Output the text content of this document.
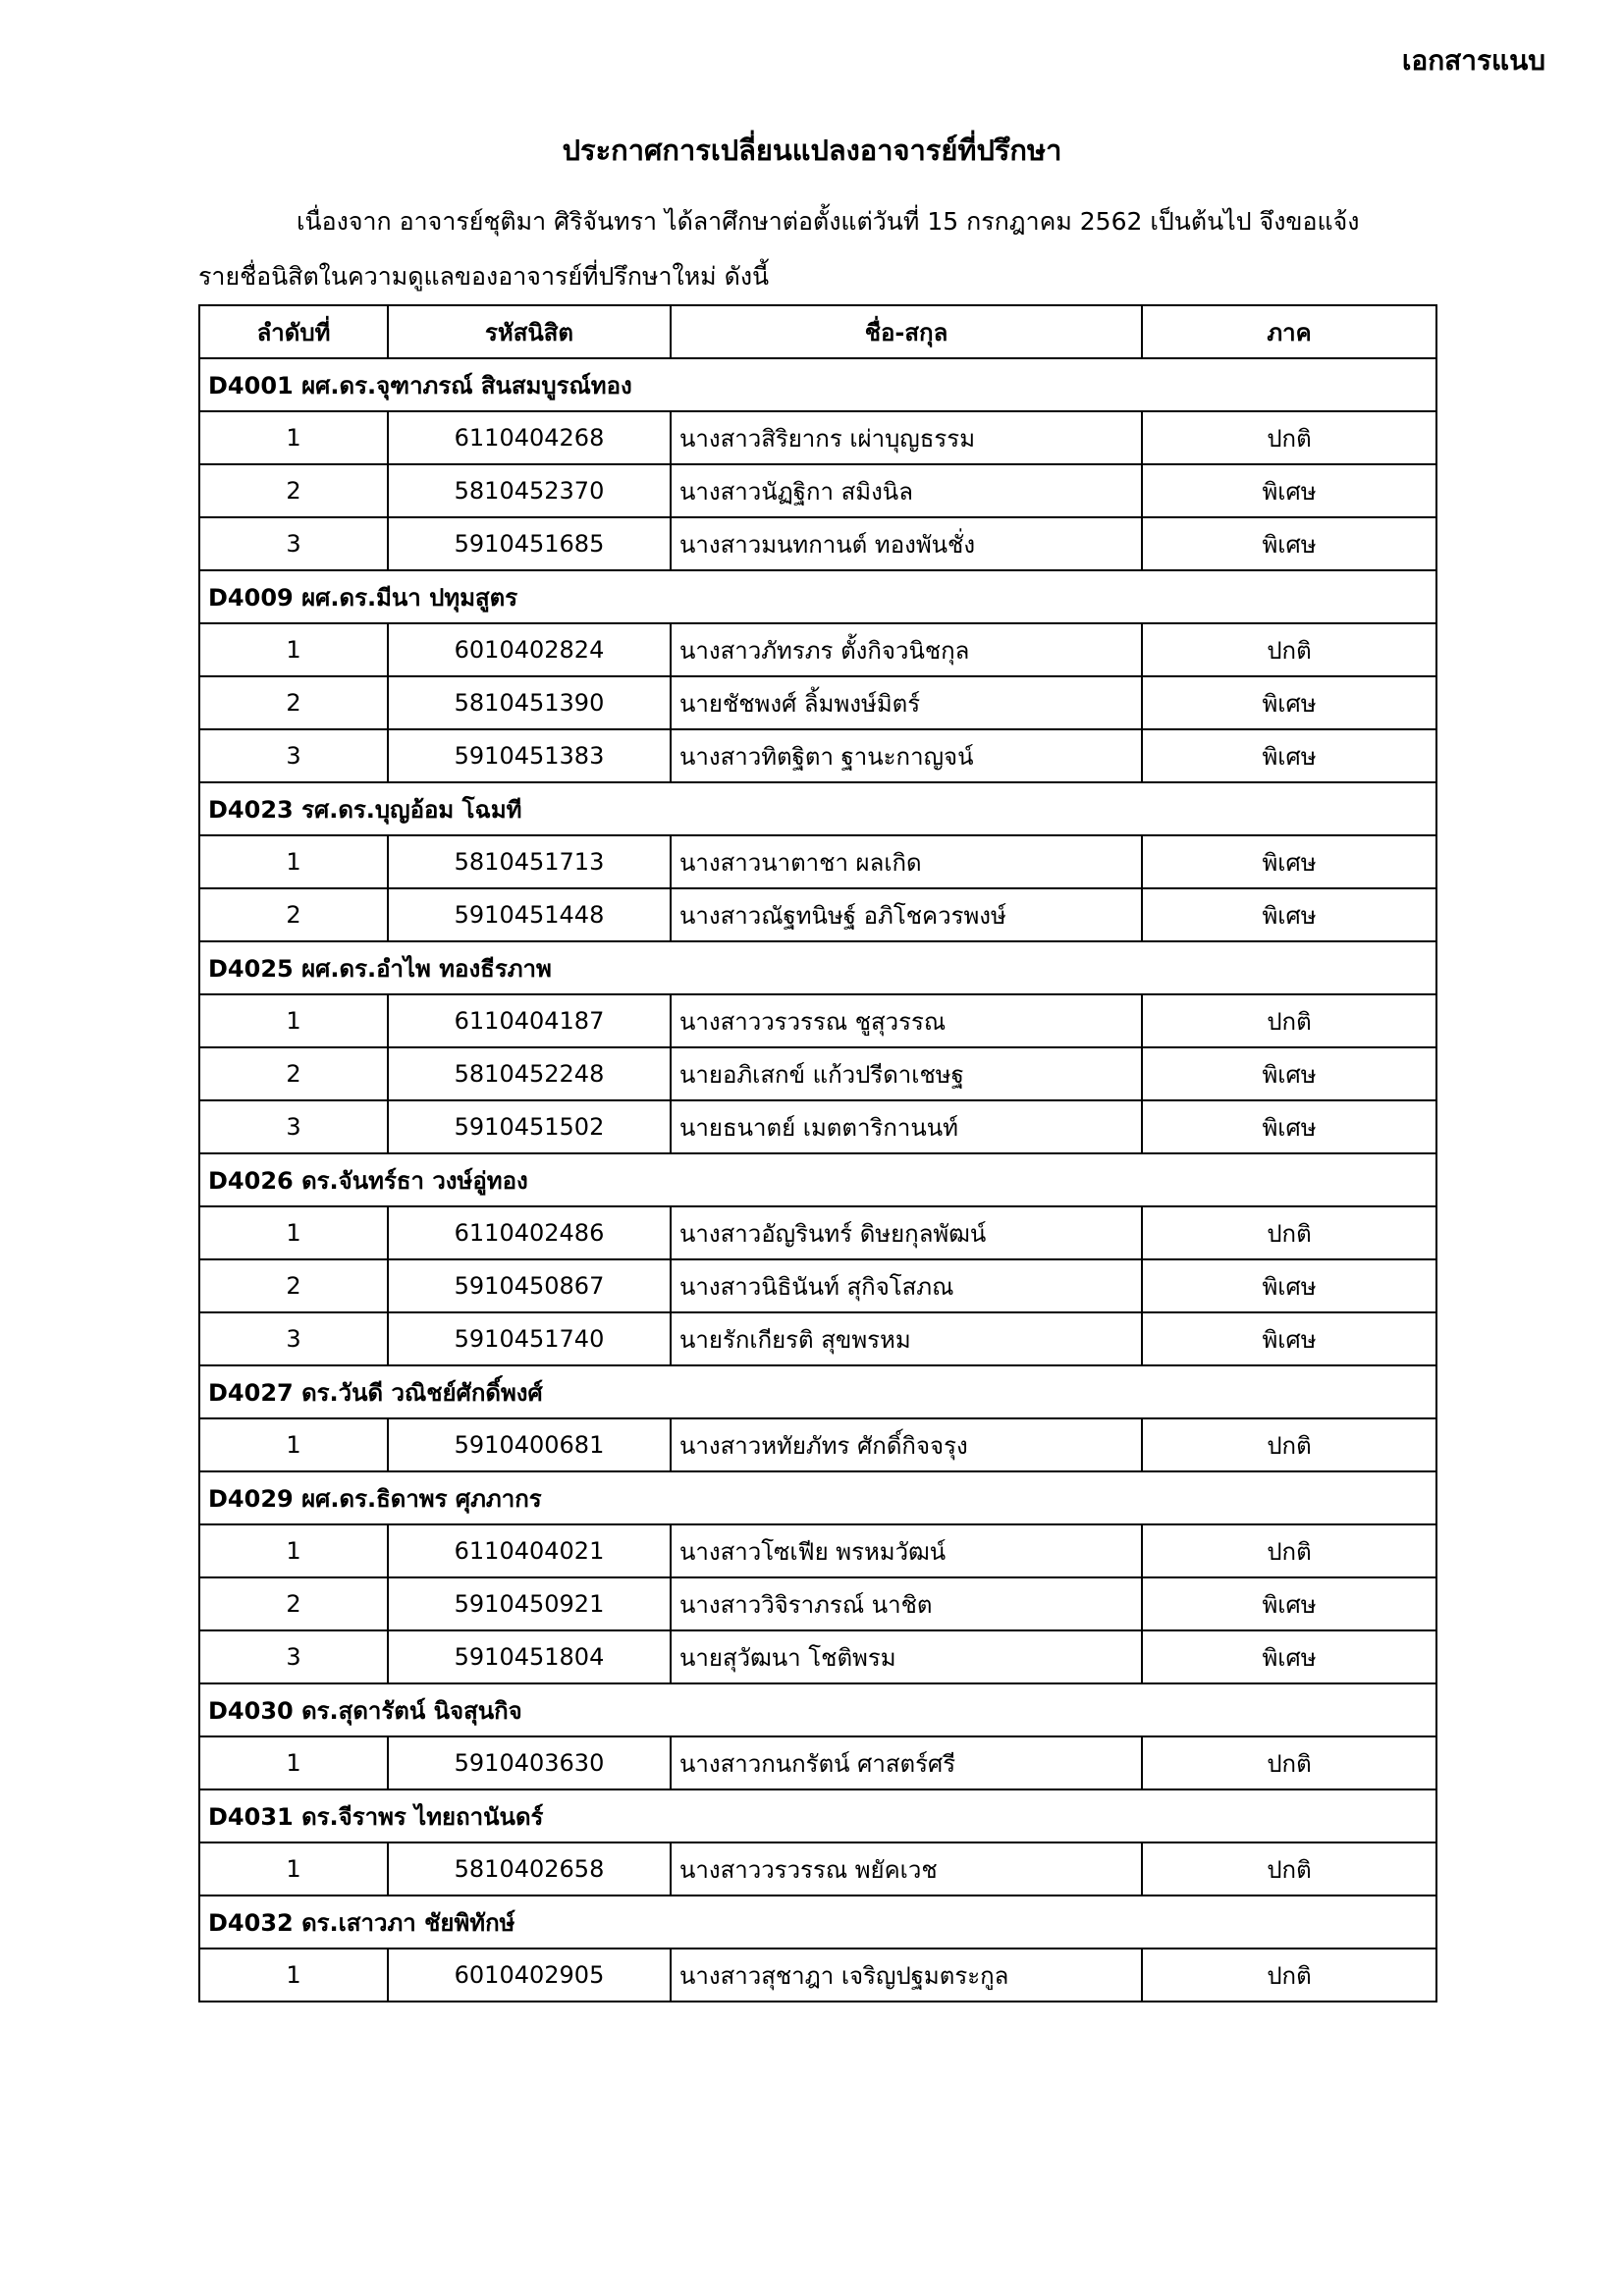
เอกสารแนบ
ประกาศการเปลี่ยนแปลงอาจารย์ที่ปรึกษา
เนื่องจาก อาจารย์ชุติมา ศิริจันทรา ได้ลาศึกษาต่อตั้งแต่วันที่ 15 กรกฎาคม 2562 เป็นต้นไป จึงขอแจ้ง
รายชื่อนิสิตในความดูแลของอาจารย์ที่ปรึกษาใหม่ ดังนี้
ลำดับที่	รหัสนิสิต	ชื่อ-สกุล	ภาค
D4001 ผศ.ดร.จุฑาภรณ์ สินสมบูรณ์ทอง			
1	6110404268	นางสาวสิริยากร เผ่าบุญธรรม	ปกติ
2	5810452370	นางสาวนัฏฐิกา สมิงนิล	พิเศษ
3	5910451685	นางสาวมนทกานต์ ทองพันชั่ง	พิเศษ
D4009 ผศ.ดร.มีนา ปทุมสูตร			
1	6010402824	นางสาวภัทรภร ตั้งกิจวนิชกุล	ปกติ
2	5810451390	นายชัชพงศ์ ลิ้มพงษ์มิตร์	พิเศษ
3	5910451383	นางสาวทิตฐิตา ฐานะกาญจน์	พิเศษ
D4023 รศ.ดร.บุญอ้อม โฉมที			
1	5810451713	นางสาวนาตาชา ผลเกิด	พิเศษ
2	5910451448	นางสาวณัฐทนิษฐ์ อภิโชควรพงษ์	พิเศษ
D4025 ผศ.ดร.อำไพ ทองธีรภาพ			
1	6110404187	นางสาววรวรรณ ชูสุวรรณ	ปกติ
2	5810452248	นายอภิเสกข์ แก้วปรีดาเชษฐ	พิเศษ
3	5910451502	นายธนาตย์ เมตตาริกานนท์	พิเศษ
D4026 ดร.จันทร์ธา วงษ์อู่ทอง			
1	6110402486	นางสาวอัญรินทร์ ดิษยกุลพัฒน์	ปกติ
2	5910450867	นางสาวนิธินันท์ สุกิจโสภณ	พิเศษ
3	5910451740	นายรักเกียรติ สุขพรหม	พิเศษ
D4027 ดร.วันดี วณิชย์ศักดิ์พงศ์			
1	5910400681	นางสาวหทัยภัทร ศักดิ์กิจจรุง	ปกติ
D4029 ผศ.ดร.ธิดาพร ศุภภากร			
1	6110404021	นางสาวโซเฟีย พรหมวัฒน์	ปกติ
2	5910450921	นางสาววิจิราภรณ์ นาชิต	พิเศษ
3	5910451804	นายสุวัฒนา โชติพรม	พิเศษ
D4030 ดร.สุดารัตน์ นิจสุนกิจ			
1	5910403630	นางสาวกนกรัตน์ ศาสตร์ศรี	ปกติ
D4031 ดร.จีราพร ไทยถานันดร์			
1	5810402658	นางสาววรวรรณ พยัคเวช	ปกติ
D4032 ดร.เสาวภา ชัยพิทักษ์			
1	6010402905	นางสาวสุชาฎา เจริญปฐมตระกูล	ปกติ
